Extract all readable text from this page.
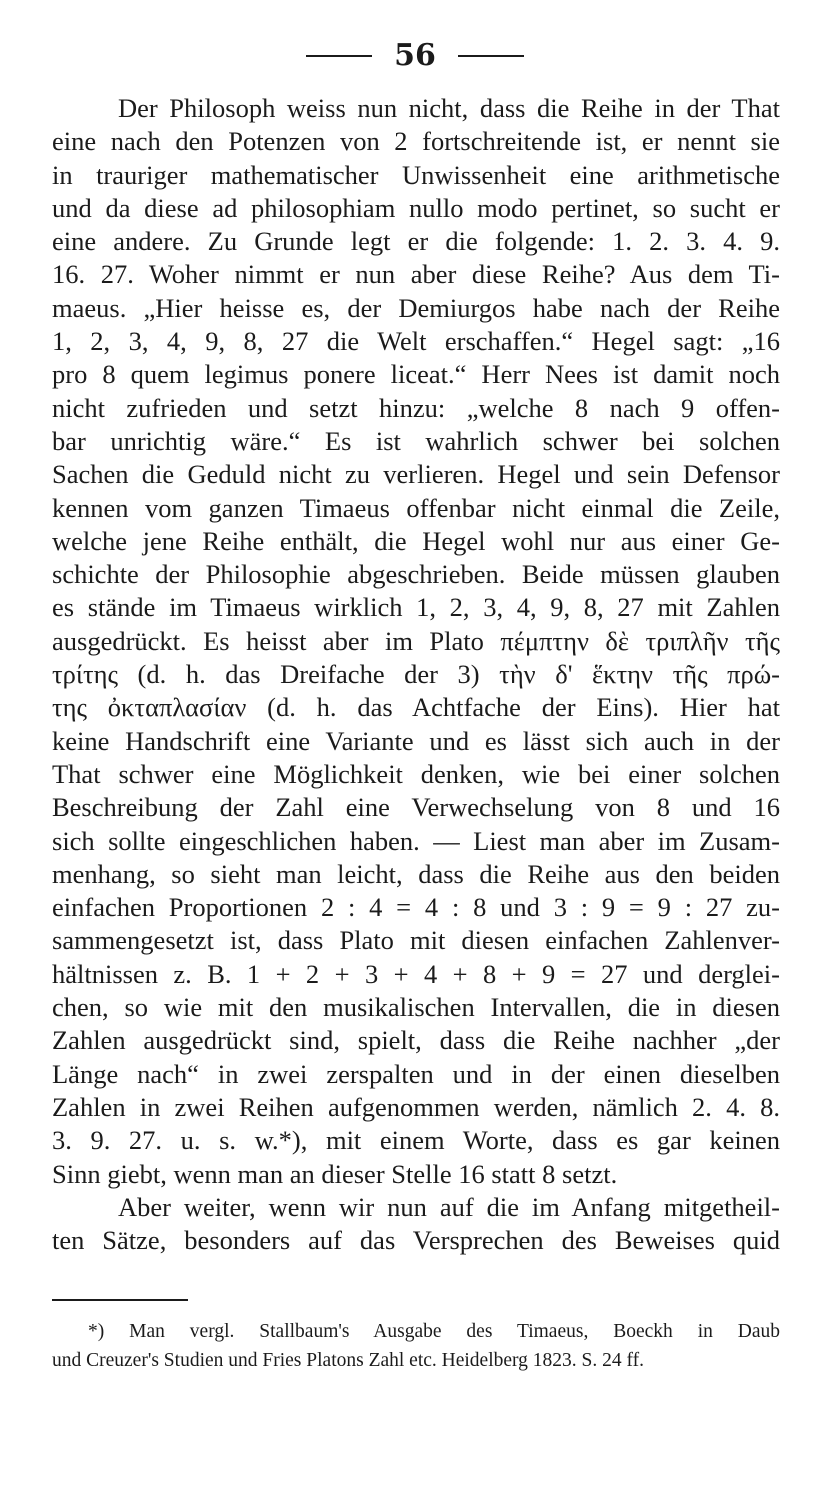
56
Der Philosoph weiss nun nicht, dass die Reihe in der That
eine nach den Potenzen von 2 fortschreitende ist, er nennt sie
in trauriger mathematischer Unwissenheit eine arithmetische
und da diese ad philosophiam nullo modo pertinet, so sucht er
eine andere. Zu Grunde legt er die folgende: 1. 2. 3. 4. 9.
16. 27. Woher nimmt er nun aber diese Reihe? Aus dem Ti-
maeus. „Hier heisse es, der Demiurgos habe nach der Reihe
1, 2, 3, 4, 9, 8, 27 die Welt erschaffen.“ Hegel sagt: „16
pro 8 quem legimus ponere liceat.“ Herr Nees ist damit noch
nicht zufrieden und setzt hinzu: „welche 8 nach 9 offen-
bar unrichtig wäre.“ Es ist wahrlich schwer bei solchen
Sachen die Geduld nicht zu verlieren. Hegel und sein Defensor
kennen vom ganzen Timaeus offenbar nicht einmal die Zeile,
welche jene Reihe enthält, die Hegel wohl nur aus einer Ge-
schichte der Philosophie abgeschrieben. Beide müssen glauben
es stände im Timaeus wirklich 1, 2, 3, 4, 9, 8, 27 mit Zahlen
ausgedrückt. Es heisst aber im Plato πέμπτην δὲ τριπλῆν τῆς
τρίτης (d. h. das Dreifache der 3) τὴν δ' ἕκτην τῆς πρώ-
της ὀκταπλασίαν (d. h. das Achtfache der Eins). Hier hat
keine Handschrift eine Variante und es lässt sich auch in der
That schwer eine Möglichkeit denken, wie bei einer solchen
Beschreibung der Zahl eine Verwechselung von 8 und 16
sich sollte eingeschlichen haben. — Liest man aber im Zusam-
menhang, so sieht man leicht, dass die Reihe aus den beiden
einfachen Proportionen 2 : 4 = 4 : 8 und 3 : 9 = 9 : 27 zu-
sammengesetzt ist, dass Plato mit diesen einfachen Zahlenver-
hältnissen z. B. 1 + 2 + 3 + 4 + 8 + 9 = 27 und derglei-
chen, so wie mit den musikalischen Intervallen, die in diesen
Zahlen ausgedrückt sind, spielt, dass die Reihe nachher „der
Länge nach“ in zwei zerspalten und in der einen dieselben
Zahlen in zwei Reihen aufgenommen werden, nämlich 2. 4. 8.
3. 9. 27. u. s. w.*), mit einem Worte, dass es gar keinen
Sinn giebt, wenn man an dieser Stelle 16 statt 8 setzt.
Aber weiter, wenn wir nun auf die im Anfang mitgetheil-
ten Sätze, besonders auf das Versprechen des Beweises quid
*) Man vergl. Stallbaum's Ausgabe des Timaeus, Boeckh in Daub
und Creuzer's Studien und Fries Platons Zahl etc. Heidelberg 1823. S. 24 ff.
